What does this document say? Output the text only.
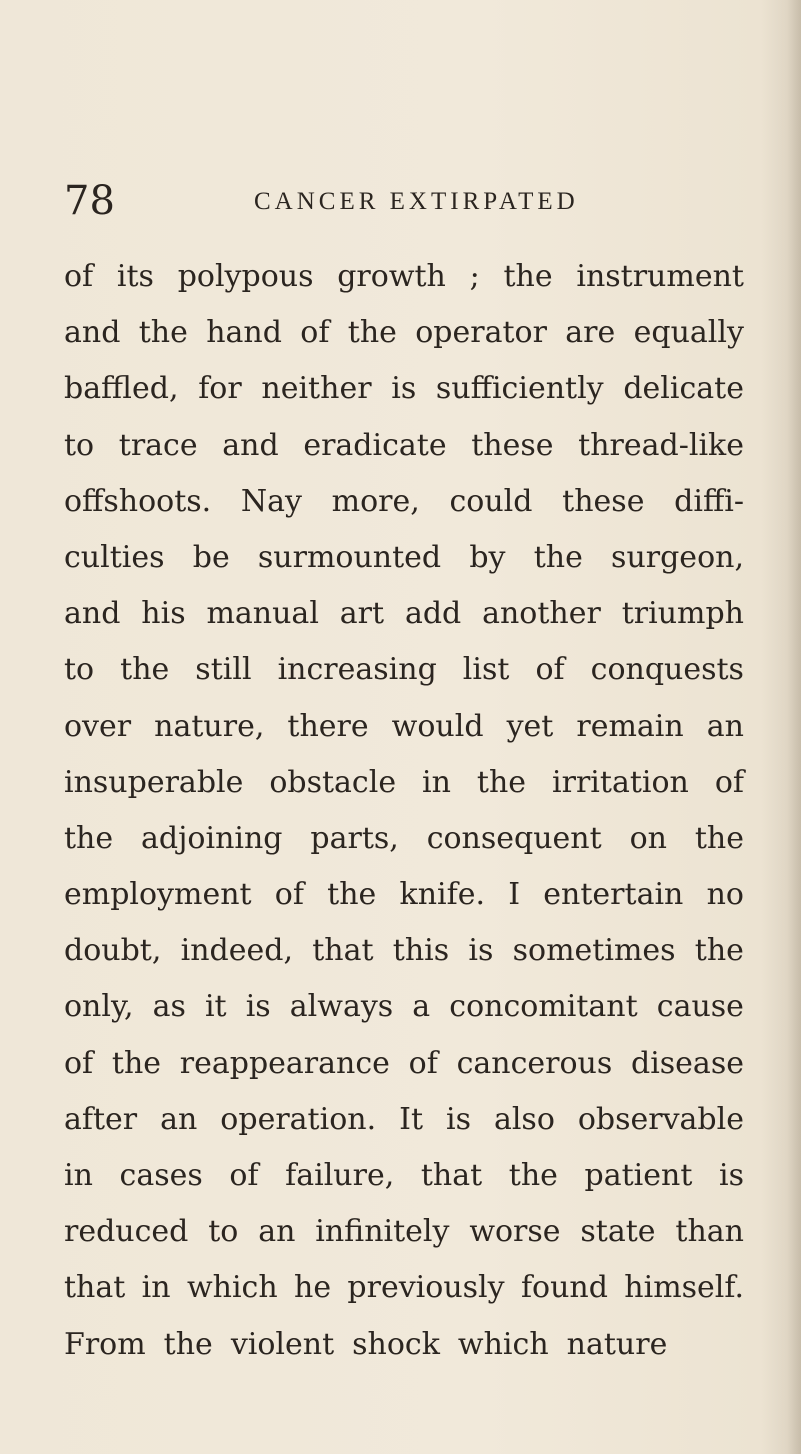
78	CANCER EXTIRPATED
of its polypous growth ; the instrument
and the hand of the operator are equally
baffled, for neither is sufficiently delicate
to trace and eradicate these thread-like
offshoots. Nay more, could these diffi-
culties be surmounted by the surgeon,
and his manual art add another triumph
to the still increasing list of conquests
over nature, there would yet remain an
insuperable obstacle in the irritation of
the adjoining parts, consequent on the
employment of the knife. I entertain no
doubt, indeed, that this is sometimes the
only, as it is always a concomitant cause
of the reappearance of cancerous disease
after an operation. It is also observable
in cases of failure, that the patient is
reduced to an infinitely worse state than
that in which he previously found himself.
From the violent shock which nature
